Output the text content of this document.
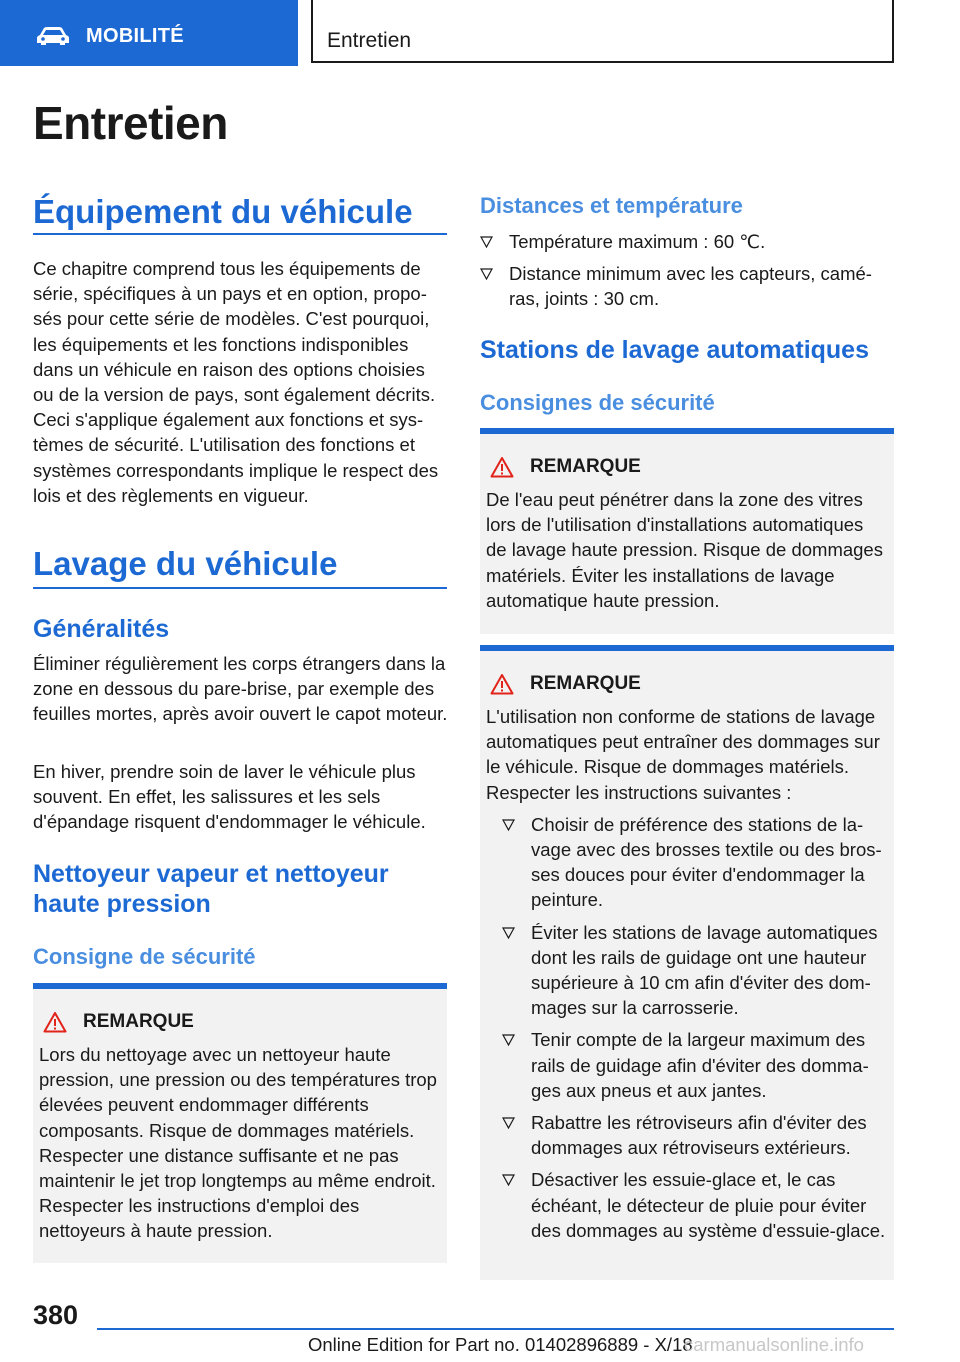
MOBILITÉ	Entretien
Entretien
Équipement du véhicule

Ce chapitre comprend tous les équipements de série, spécifiques à un pays et en option, proposés pour cette série de modèles. C'est pourquoi, les équipements et les fonctions indisponibles dans un véhicule en raison des options choisies ou de la version de pays, sont également décrits. Ceci s'applique également aux fonctions et systèmes de sécurité. L'utilisation des fonctions et systèmes correspondants implique le respect des lois et des règlements en vigueur.

Lavage du véhicule
Généralités

Éliminer régulièrement les corps étrangers dans la zone en dessous du pare-brise, par exemple des feuilles mortes, après avoir ouvert le capot moteur.

En hiver, prendre soin de laver le véhicule plus souvent. En effet, les salissures et les sels d'épandage risquent d'endommager le véhicule.

Nettoyeur vapeur et nettoyeur haute pression
Consigne de sécurité
REMARQUE

Lors du nettoyage avec un nettoyeur haute pression, une pression ou des températures trop élevées peuvent endommager différents composants. Risque de dommages matériels. Respecter une distance suffisante et ne pas maintenir le jet trop longtemps au même endroit. Respecter les instructions d'emploi des nettoyeurs à haute pression.

Distances et température
Température maximum : 60 ℃.
Distance minimum avec les capteurs, caméras, joints : 30 cm.
Stations de lavage automatiques
Consignes de sécurité
REMARQUE

De l'eau peut pénétrer dans la zone des vitres lors de l'utilisation d'installations automatiques de lavage haute pression. Risque de dommages matériels. Éviter les installations de lavage automatique haute pression.

REMARQUE

L'utilisation non conforme de stations de lavage automatiques peut entraîner des dommages sur le véhicule. Risque de dommages matériels. Respecter les instructions suivantes :

Choisir de préférence des stations de lavage avec des brosses textile ou des brosses douces pour éviter d'endommager la peinture.
Éviter les stations de lavage automatiques dont les rails de guidage ont une hauteur supérieure à 10 cm afin d'éviter des dommages sur la carrosserie.
Tenir compte de la largeur maximum des rails de guidage afin d'éviter des dommages aux pneus et aux jantes.
Rabattre les rétroviseurs afin d'éviter des dommages aux rétroviseurs extérieurs.
Désactiver les essuie-glace et, le cas échéant, le détecteur de pluie pour éviter des dommages au système d'essuie-glace.
380
Online Edition for Part no. 01402896889 - X/18
carmanualsonline.info
